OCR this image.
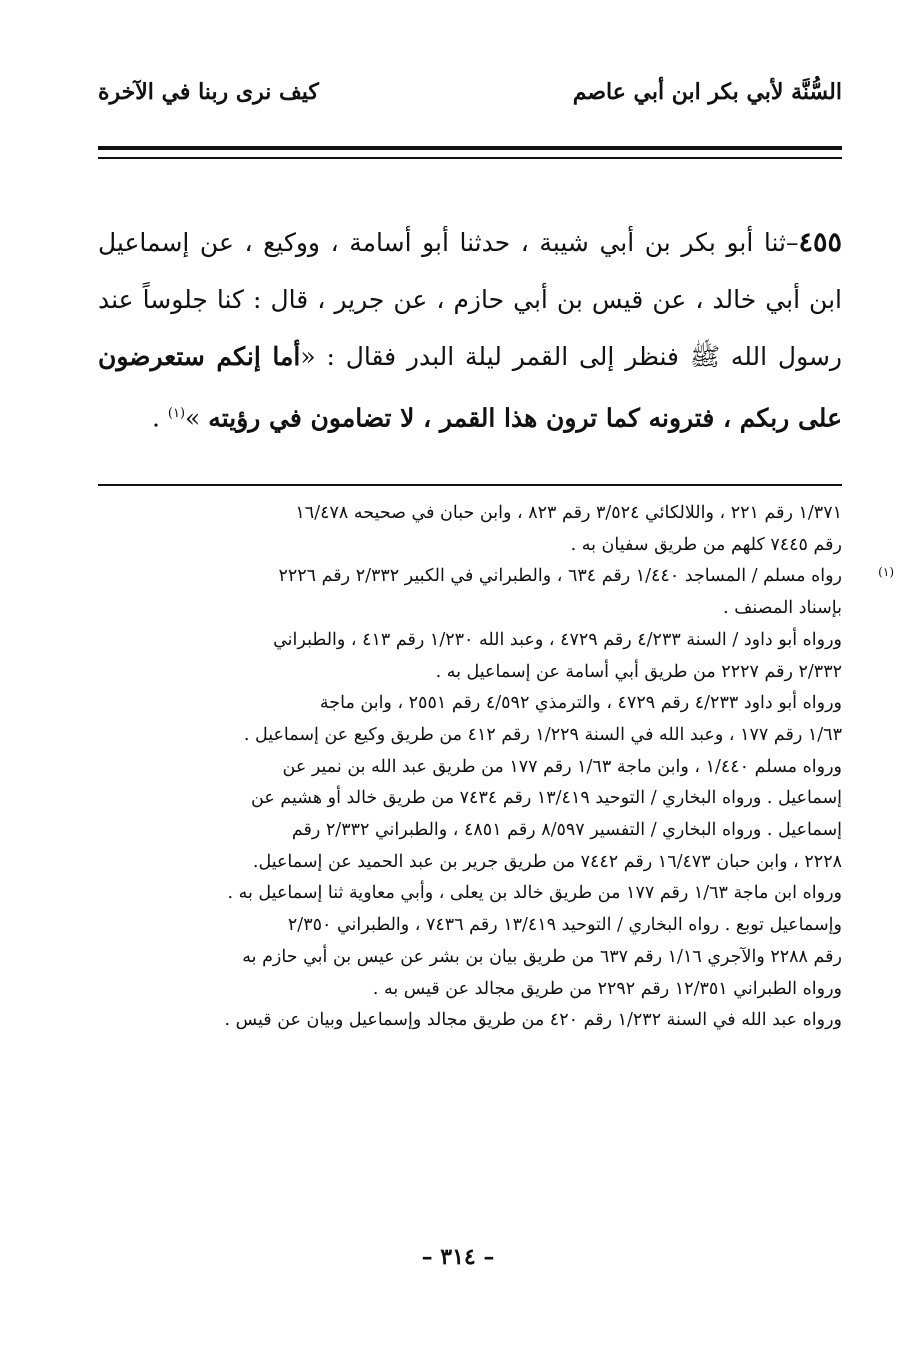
السُّنَّة لأبي بكر ابن أبي عاصم
كيف نرى ربنا في الآخرة
٤٥٥–ثنا أبو بكر بن أبي شيبة ، حدثنا أبو أسامة ، ووكيع ، عن إسماعيل ابن أبي خالد ، عن قيس بن أبي حازم ، عن جرير ، قال : كنا جلوساً عند رسول الله ﷺ فنظر إلى القمر ليلة البدر فقال : «أما إنكم ستعرضون على ربكم ، فترونه كما ترون هذا القمر ، لا تضامون في رؤيته »$^{(١)}$ .
١/٣٧١ رقم ٢٢١ ، واللالكائي ٣/٥٢٤ رقم ٨٢٣ ، وابن حبان في صحيحه ١٦/٤٧٨
رقم ٧٤٤٥ كلهم من طريق سفيان به .
(١)
رواه مسلم / المساجد ١/٤٤٠ رقم ٦٣٤ ، والطبراني في الكبير ٢/٣٣٢ رقم ٢٢٢٦
بإسناد المصنف .
ورواه أبو داود / السنة ٤/٢٣٣ رقم ٤٧٢٩ ، وعبد الله ١/٢٣٠ رقم ٤١٣ ، والطبراني
٢/٣٣٢ رقم ٢٢٢٧ من طريق أبي أسامة عن إسماعيل به .
ورواه أبو داود ٤/٢٣٣ رقم ٤٧٢٩ ، والترمذي ٤/٥٩٢ رقم ٢٥٥١ ، وابن ماجة
١/٦٣ رقم ١٧٧ ، وعبد الله في السنة ١/٢٢٩ رقم ٤١٢ من طريق وكيع عن إسماعيل .
ورواه مسلم ١/٤٤٠ ، وابن ماجة ١/٦٣ رقم ١٧٧ من طريق عبد الله بن نمير عن
إسماعيل . ورواه البخاري / التوحيد ١٣/٤١٩ رقم ٧٤٣٤ من طريق خالد أو هشيم عن
إسماعيل . ورواه البخاري / التفسير ٨/٥٩٧ رقم ٤٨٥١ ، والطبراني ٢/٣٣٢ رقم
٢٢٢٨ ، وابن حبان ١٦/٤٧٣ رقم ٧٤٤٢ من طريق جرير بن عبد الحميد عن إسماعيل.
ورواه ابن ماجة ١/٦٣ رقم ١٧٧ من طريق خالد بن يعلى ، وأبي معاوية ثنا إسماعيل به .
وإسماعيل توبع . رواه البخاري / التوحيد ١٣/٤١٩ رقم ٧٤٣٦ ، والطبراني ٢/٣٥٠
رقم ٢٢٨٨ والآجري ١/١٦ رقم ٦٣٧ من طريق بيان بن بشر عن عيس بن أبي حازم به
ورواه الطبراني ١٢/٣٥١ رقم ٢٢٩٢ من طريق مجالد عن قيس به .
ورواه عبد الله في السنة ١/٢٣٢ رقم ٤٢٠ من طريق مجالد وإسماعيل وبيان عن قيس .
– ٣١٤ –
